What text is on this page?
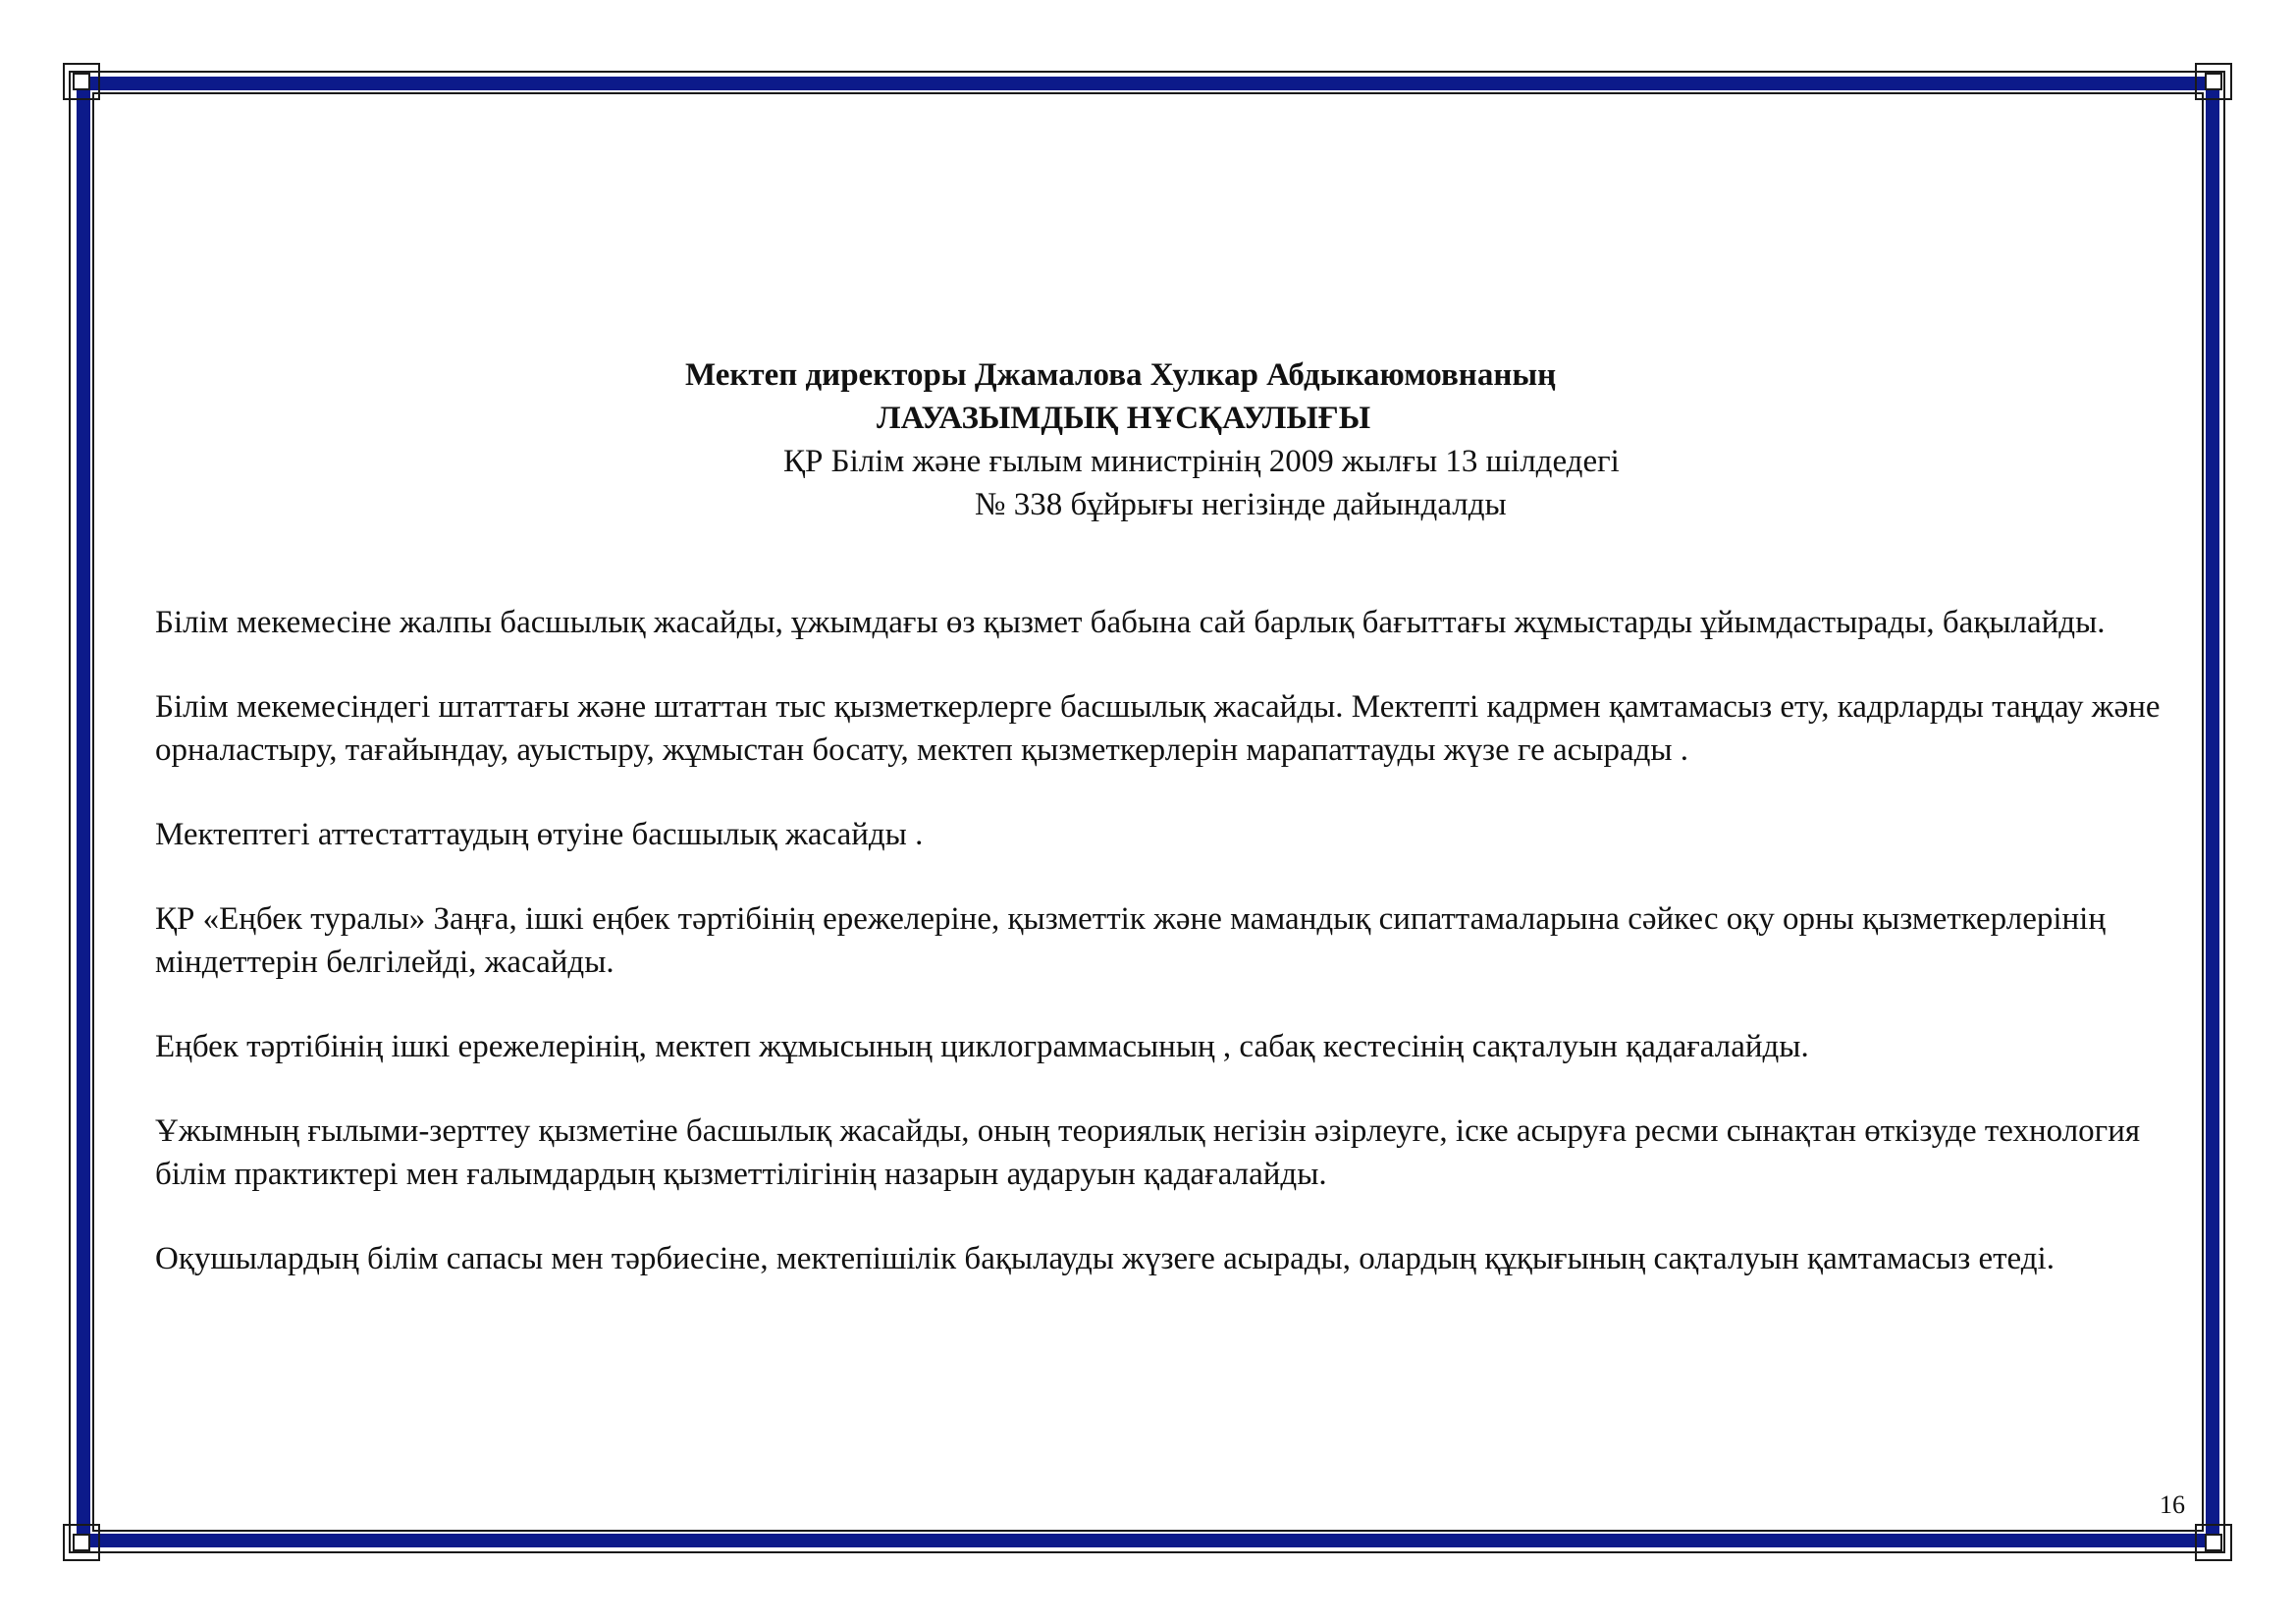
Мектеп директоры Джамалова Хулкар Абдыкаюмовнаның
ЛАУАЗЫМДЫҚ НҰСҚАУЛЫҒЫ
ҚР Білім және ғылым министрінің 2009 жылғы 13 шілдедегі
№ 338 бұйрығы негізінде дайындалды

Білім мекемесіне жалпы басшылық жасайды, ұжымдағы өз қызмет бабына сай барлық бағыттағы жұмыстарды ұйымдастырады, бақылайды.

Білім мекемесіндегі штаттағы және штаттан тыс қызметкерлерге басшылық жасайды. Мектепті кадрмен қамтамасыз ету, кадрларды таңдау және орналастыру, тағайындау, ауыстыру, жұмыстан босату, мектеп қызметкерлерін марапаттауды жүзе ге асырады .

Мектептегі аттестаттаудың өтуіне басшылық жасайды .

ҚР «Еңбек туралы» Заңға, ішкі еңбек тәртібінің ережелеріне, қызметтік және мамандық сипаттамаларына сәйкес оқу орны қызметкерлерінің міндеттерін белгілейді, жасайды.

Еңбек тәртібінің ішкі ережелерінің, мектеп жұмысының циклограммасының , сабақ кестесінің сақталуын қадағалайды.

Ұжымның ғылыми-зерттеу қызметіне басшылық жасайды, оның теориялық негізін әзірлеуге, іске асыруға ресми сынақтан өткізуде технология білім практиктері мен ғалымдардың қызметтілігінің назарын аударуын қадағалайды.

Оқушылардың білім сапасы мен тәрбиесіне, мектепішілік бақылауды жүзеге асырады, олардың құқығының сақталуын қамтамасыз етеді.

16
